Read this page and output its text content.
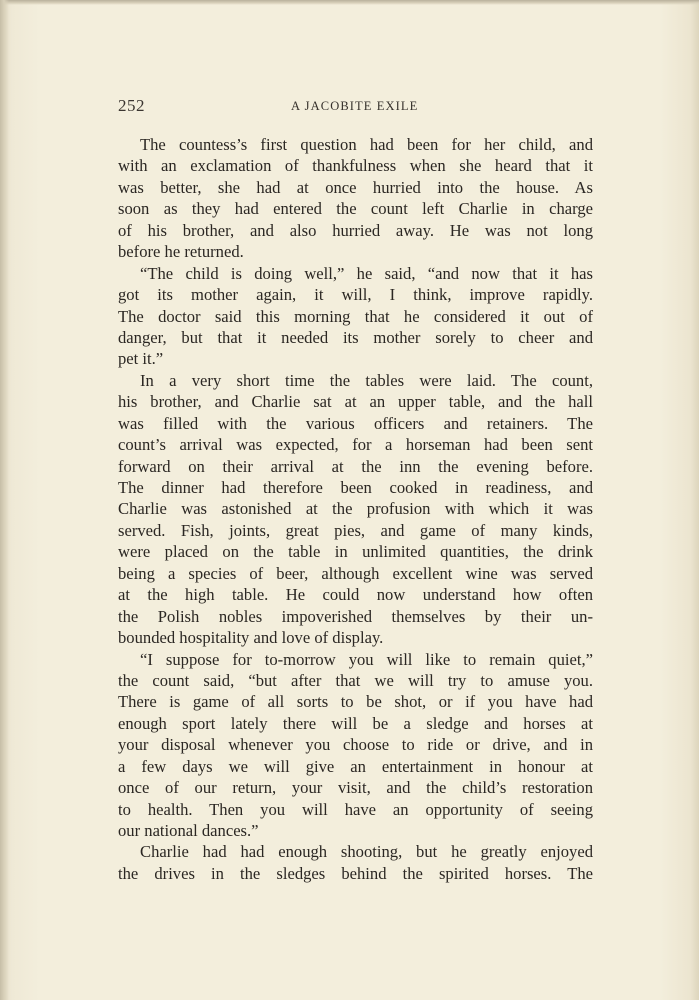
252	A JACOBITE EXILE
The countess’s first question had been for her child, and
with an exclamation of thankfulness when she heard that it
was better, she had at once hurried into the house. As
soon as they had entered the count left Charlie in charge
of his brother, and also hurried away. He was not long
before he returned.
“The child is doing well,” he said, “and now that it has
got its mother again, it will, I think, improve rapidly.
The doctor said this morning that he considered it out of
danger, but that it needed its mother sorely to cheer and
pet it.”
In a very short time the tables were laid. The count,
his brother, and Charlie sat at an upper table, and the hall
was filled with the various officers and retainers. The
count’s arrival was expected, for a horseman had been sent
forward on their arrival at the inn the evening before.
The dinner had therefore been cooked in readiness, and
Charlie was astonished at the profusion with which it was
served. Fish, joints, great pies, and game of many kinds,
were placed on the table in unlimited quantities, the drink
being a species of beer, although excellent wine was served
at the high table. He could now understand how often
the Polish nobles impoverished themselves by their un-
bounded hospitality and love of display.
“I suppose for to-morrow you will like to remain quiet,”
the count said, “but after that we will try to amuse you.
There is game of all sorts to be shot, or if you have had
enough sport lately there will be a sledge and horses at
your disposal whenever you choose to ride or drive, and in
a few days we will give an entertainment in honour at
once of our return, your visit, and the child’s restoration
to health. Then you will have an opportunity of seeing
our national dances.”
Charlie had had enough shooting, but he greatly enjoyed
the drives in the sledges behind the spirited horses. The
